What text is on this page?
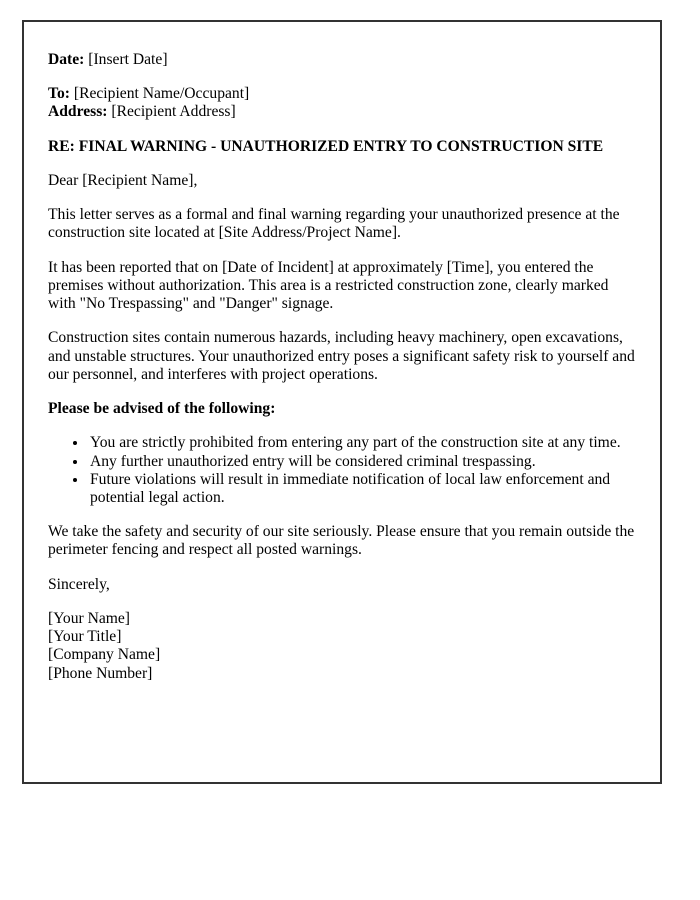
Date: [Insert Date]

To: [Recipient Name/Occupant]
Address: [Recipient Address]

RE: FINAL WARNING - UNAUTHORIZED ENTRY TO CONSTRUCTION SITE

Dear [Recipient Name],

This letter serves as a formal and final warning regarding your unauthorized presence at the construction site located at [Site Address/Project Name].

It has been reported that on [Date of Incident] at approximately [Time], you entered the premises without authorization. This area is a restricted construction zone, clearly marked with "No Trespassing" and "Danger" signage.

Construction sites contain numerous hazards, including heavy machinery, open excavations, and unstable structures. Your unauthorized entry poses a significant safety risk to yourself and our personnel, and interferes with project operations.

Please be advised of the following:

• You are strictly prohibited from entering any part of the construction site at any time.
• Any further unauthorized entry will be considered criminal trespassing.
• Future violations will result in immediate notification of local law enforcement and potential legal action.

We take the safety and security of our site seriously. Please ensure that you remain outside the perimeter fencing and respect all posted warnings.

Sincerely,

[Your Name]
[Your Title]
[Company Name]
[Phone Number]
